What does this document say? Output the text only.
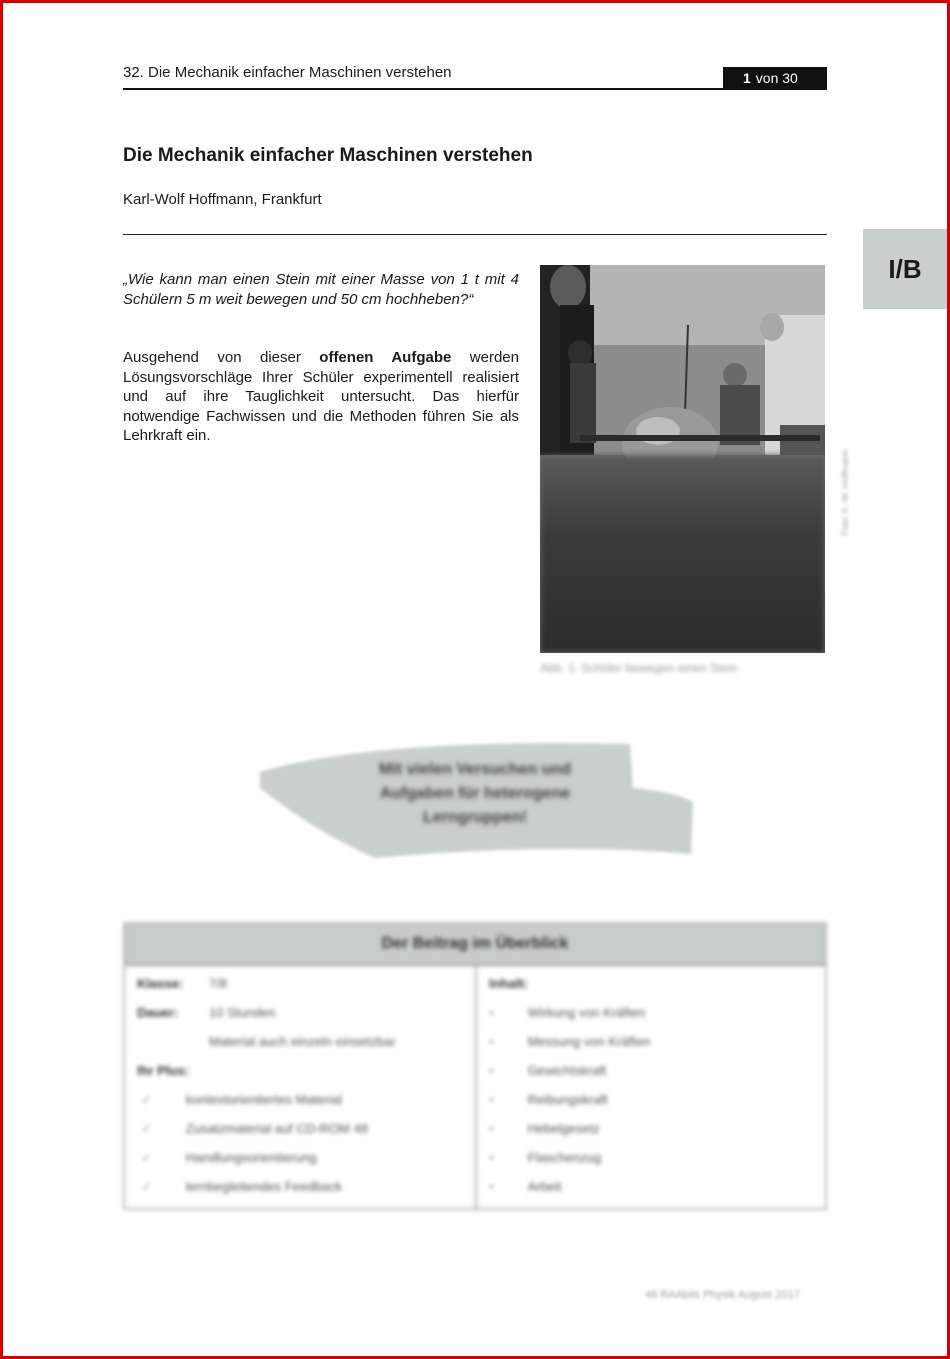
32. Die Mechanik einfacher Maschinen verstehen	1 von 30
Die Mechanik einfacher Maschinen verstehen
Karl-Wolf Hoffmann, Frankfurt
I/B
„Wie kann man einen Stein mit einer Masse von 1 t mit 4 Schülern 5 m weit bewegen und 50 cm hochheben?“
Ausgehend von dieser offenen Aufgabe werden Lösungsvorschläge Ihrer Schüler experimentell realisiert und auf ihre Tauglichkeit untersucht. Das hierfür notwendige Fachwissen und die Methoden führen Sie als Lehrkraft ein.
Foto: K.-W. Hoffmann
Abb. 1: Schüler bewegen einen Stein
Mit vielen Versuchen und
Aufgaben für heterogene
Lerngruppen!
Der Beitrag im Überblick
Klasse:	7/8
Dauer:	10 Stunden
Material auch einzeln einsetzbar
Ihr Plus:
✓	kontextorientiertes Material
✓	Zusatzmaterial auf CD-ROM 48
✓	Handlungsorientierung
✓	lernbegleitendes Feedback
Inhalt:
•	Wirkung von Kräften
•	Messung von Kräften
•	Gewichtskraft
•	Reibungskraft
•	Hebelgesetz
•	Flaschenzug
•	Arbeit
48 RAAbits Physik August 2017
